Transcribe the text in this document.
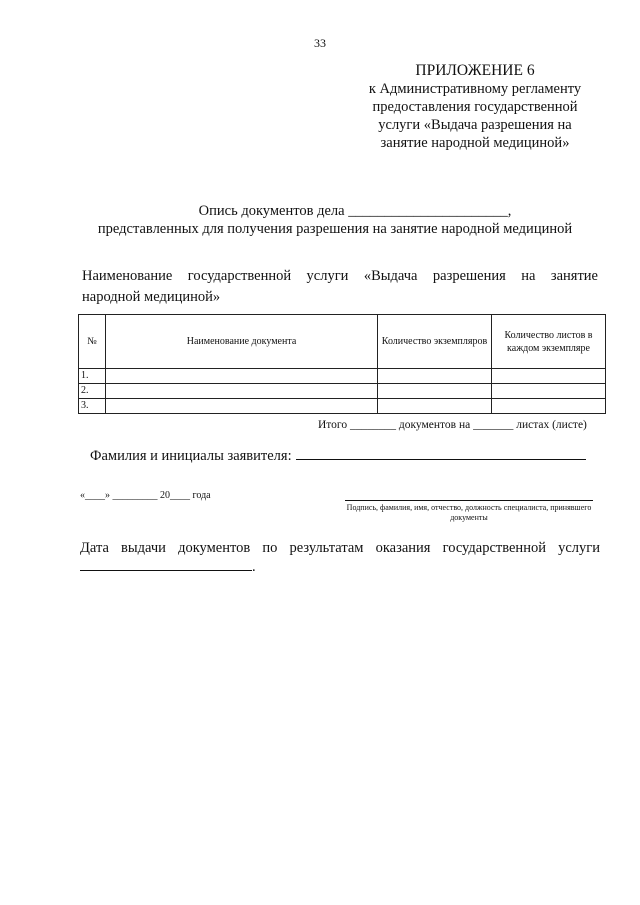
33
ПРИЛОЖЕНИЕ 6
к Административному регламенту
предоставления государственной
услуги «Выдача разрешения на
занятие народной медициной»
Опись документов дела ______________________,
представленных для получения разрешения на занятие народной медициной
Наименование государственной услуги «Выдача разрешения на занятие
народной медициной»
№	Наименование документа	Количество экземпляров	Количество листов в каждом экземпляре
1.			
2.			
3.			
Итого ________ документов на _______ листах (листе)
Фамилия и инициалы заявителя:
«____» _________ 20____ года
Подпись, фамилия, имя, отчество, должность специалиста, принявшего документы
Дата выдачи документов по результатам оказания государственной услуги
.
